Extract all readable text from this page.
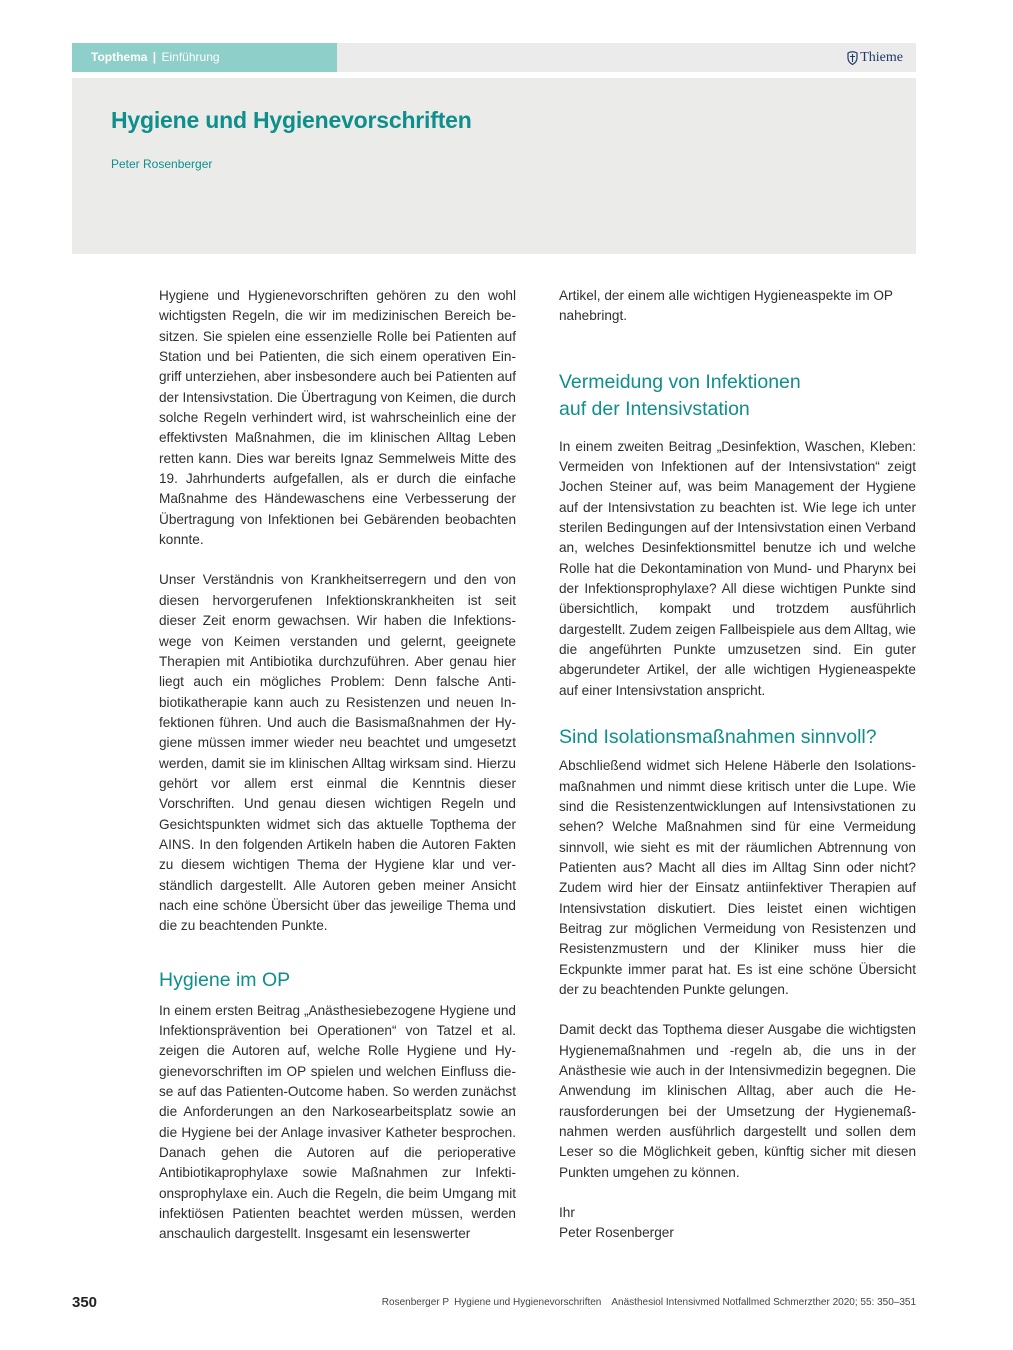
Topthema | Einführung	Thieme
Hygiene und Hygienevorschriften
Peter Rosenberger

Hygiene und Hygienevorschriften gehören zu den wohl wichtigsten Regeln, die wir im medizinischen Bereich besitzen. Sie spielen eine essenzielle Rolle bei Patienten auf Station und bei Patienten, die sich einem operativen Eingriff unterziehen, aber insbesondere auch bei Patienten auf der Intensivstation. Die Übertragung von Keimen, die durch solche Regeln verhindert wird, ist wahrscheinlich eine der effektivsten Maßnahmen, die im klinischen Alltag Leben retten kann. Dies war bereits Ignaz Semmelweis Mitte des 19. Jahrhunderts aufgefallen, als er durch die einfache Maßnahme des Händewaschens eine Verbesserung der Übertragung von Infektionen bei Gebärenden beobachten konnte.

Unser Verständnis von Krankheitserregern und den von diesen hervorgerufenen Infektionskrankheiten ist seit dieser Zeit enorm gewachsen. Wir haben die Infektionswege von Keimen verstanden und gelernt, geeignete Therapien mit Antibiotika durchzuführen. Aber genau hier liegt auch ein mögliches Problem: Denn falsche Antibiotikatherapie kann auch zu Resistenzen und neuen Infektionen führen. Und auch die Basismaßnahmen der Hygiene müssen immer wieder neu beachtet und umgesetzt werden, damit sie im klinischen Alltag wirksam sind. Hierzu gehört vor allem erst einmal die Kenntnis dieser Vorschriften. Und genau diesen wichtigen Regeln und Gesichtspunkten widmet sich das aktuelle Topthema der AINS. In den folgenden Artikeln haben die Autoren Fakten zu diesem wichtigen Thema der Hygiene klar und verständlich dargestellt. Alle Autoren geben meiner Ansicht nach eine schöne Übersicht über das jeweilige Thema und die zu beachtenden Punkte.

Hygiene im OP

In einem ersten Beitrag „Anästhesiebezogene Hygiene und Infektionsprävention bei Operationen“ von Tatzel et al. zeigen die Autoren auf, welche Rolle Hygiene und Hygienevorschriften im OP spielen und welchen Einfluss diese auf das Patienten-Outcome haben. So werden zunächst die Anforderungen an den Narkosearbeitsplatz sowie an die Hygiene bei der Anlage invasiver Katheter besprochen. Danach gehen die Autoren auf die perioperative Antibiotikaprophylaxe sowie Maßnahmen zur Infektionsprophylaxe ein. Auch die Regeln, die beim Umgang mit infektiösen Patienten beachtet werden müssen, werden anschaulich dargestellt. Insgesamt ein lesenswerter

Artikel, der einem alle wichtigen Hygieneaspekte im OP nahebringt.

Vermeidung von Infektionen
auf der Intensivstation

In einem zweiten Beitrag „Desinfektion, Waschen, Kleben: Vermeiden von Infektionen auf der Intensivstation“ zeigt Jochen Steiner auf, was beim Management der Hygiene auf der Intensivstation zu beachten ist. Wie lege ich unter sterilen Bedingungen auf der Intensivstation einen Verband an, welches Desinfektionsmittel benutze ich und welche Rolle hat die Dekontamination von Mund- und Pharynx bei der Infektionsprophylaxe? All diese wichtigen Punkte sind übersichtlich, kompakt und trotzdem ausführlich dargestellt. Zudem zeigen Fallbeispiele aus dem Alltag, wie die angeführten Punkte umzusetzen sind. Ein guter abgerundeter Artikel, der alle wichtigen Hygieneaspekte auf einer Intensivstation anspricht.

Sind Isolationsmaßnahmen sinnvoll?

Abschließend widmet sich Helene Häberle den Isolationsmaßnahmen und nimmt diese kritisch unter die Lupe. Wie sind die Resistenzentwicklungen auf Intensivstationen zu sehen? Welche Maßnahmen sind für eine Vermeidung sinnvoll, wie sieht es mit der räumlichen Abtrennung von Patienten aus? Macht all dies im Alltag Sinn oder nicht? Zudem wird hier der Einsatz antiinfektiver Therapien auf Intensivstation diskutiert. Dies leistet einen wichtigen Beitrag zur möglichen Vermeidung von Resistenzen und Resistenzmustern und der Kliniker muss hier die Eckpunkte immer parat hat. Es ist eine schöne Übersicht der zu beachtenden Punkte gelungen.

Damit deckt das Topthema dieser Ausgabe die wichtigsten Hygienemaßnahmen und -regeln ab, die uns in der Anästhesie wie auch in der Intensivmedizin begegnen. Die Anwendung im klinischen Alltag, aber auch die Herausforderungen bei der Umsetzung der Hygienemaßnahmen werden ausführlich dargestellt und sollen dem Leser so die Möglichkeit geben, künftig sicher mit diesen Punkten umgehen zu können.

Ihr
Peter Rosenberger
350	Rosenberger P Hygiene und Hygienevorschriften Anästhesiol Intensivmed Notfallmed Schmerzther 2020; 55: 350–351
